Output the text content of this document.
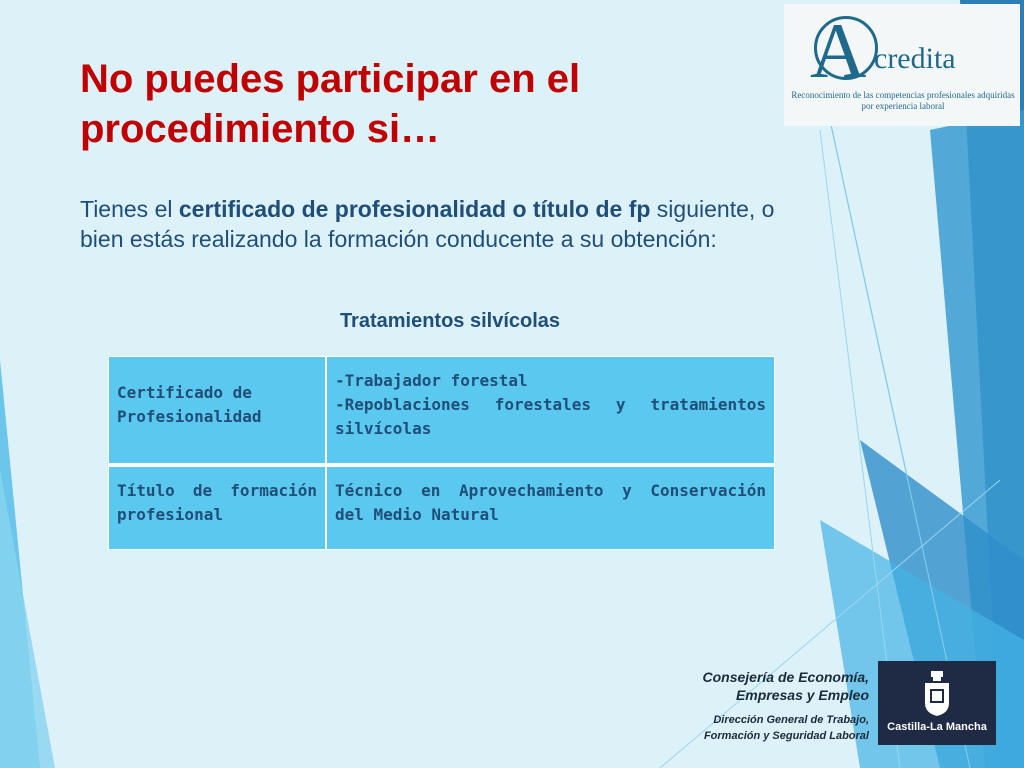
A credita
Reconocimiento de las competencias profesionales adquiridas por experiencia laboral
No puedes participar en el procedimiento si…
Tienes el certificado de profesionalidad o título de fp siguiente, o bien estás realizando la formación conducente a su obtención:
Tratamientos silvícolas
Certificado de Profesionalidad	-Trabajador forestal
-Repoblaciones forestales y tratamientos silvícolas

Título de formación profesional	Técnico en Aprovechamiento y Conservación del Medio Natural
Consejería de Economía,
Empresas y Empleo
Dirección General de Trabajo,
Formación y Seguridad Laboral
Castilla-La Mancha
